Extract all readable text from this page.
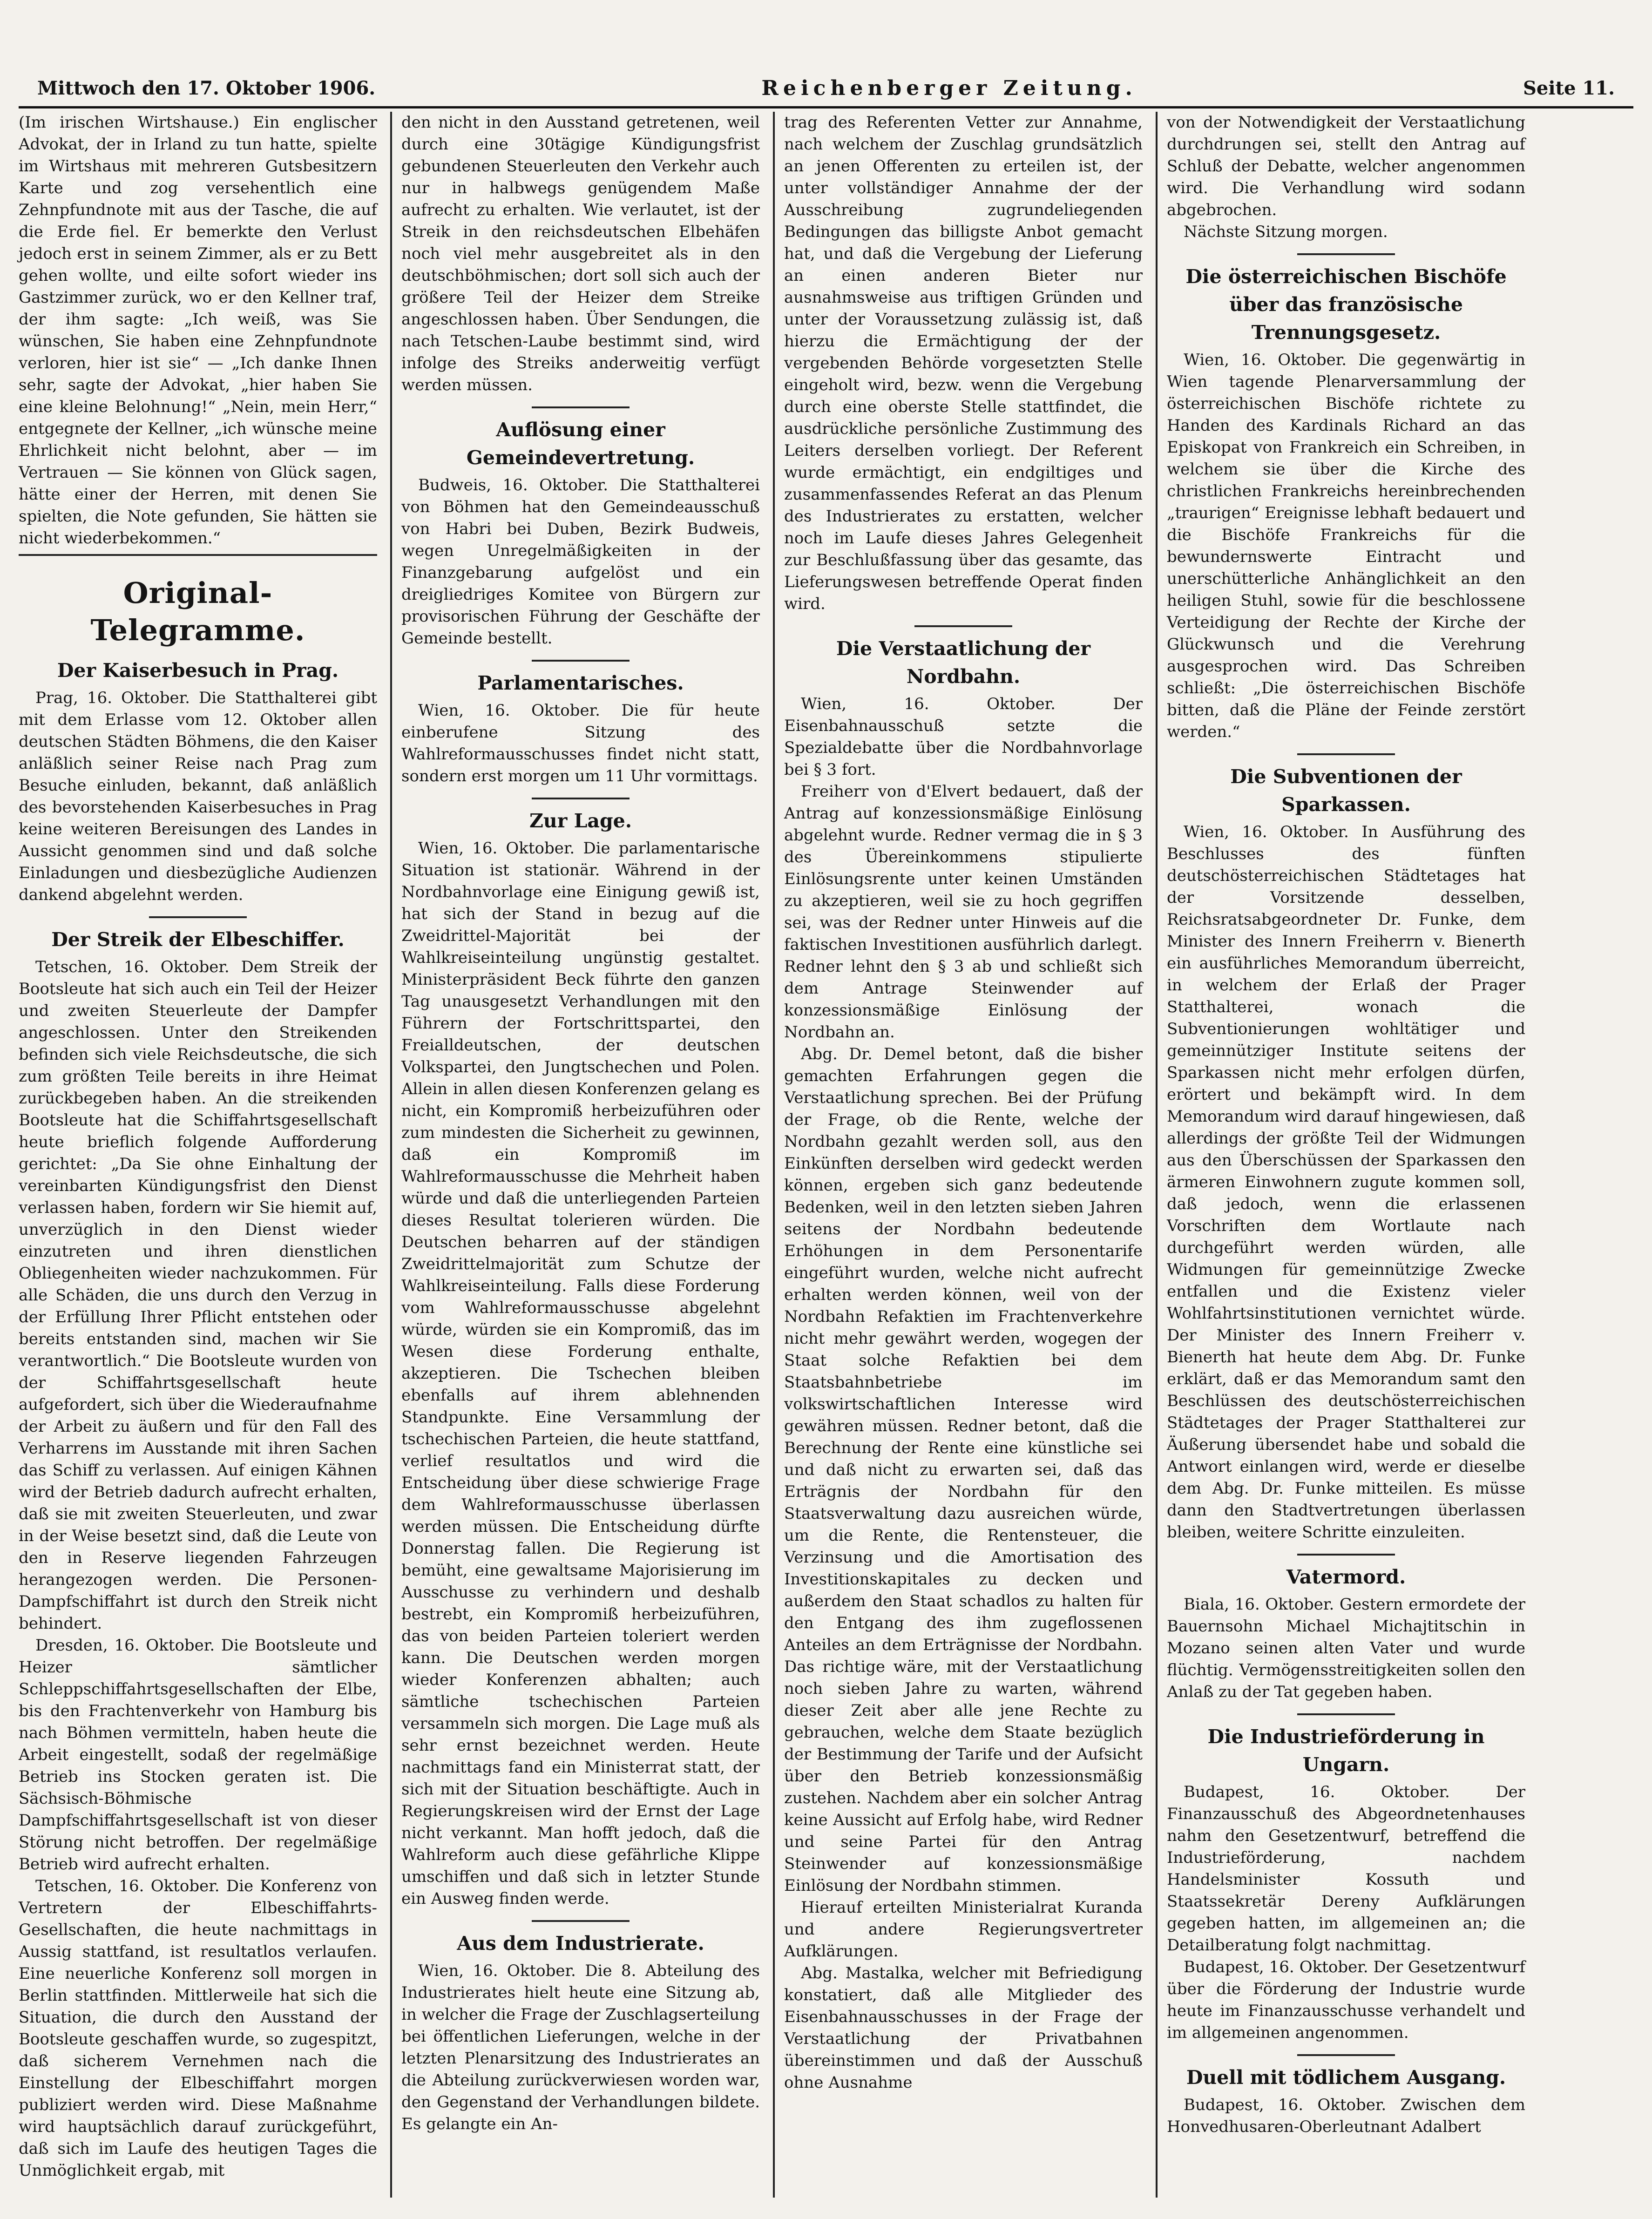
Mittwoch den 17. Oktober 1906.	Reichenberger Zeitung.	Seite 11.

(Im irischen Wirtshause.) Ein englischer Advokat, der in Irland zu tun hatte, spielte im Wirtshaus mit mehreren Gutsbesitzern Karte und zog versehentlich eine Zehnpfundnote mit aus der Tasche, die auf die Erde fiel. Er bemerkte den Verlust jedoch erst in seinem Zimmer, als er zu Bett gehen wollte, und eilte sofort wieder ins Gastzimmer zurück, wo er den Kellner traf, der ihm sagte: „Ich weiß, was Sie wünschen, Sie haben eine Zehnpfundnote verloren, hier ist sie“ — „Ich danke Ihnen sehr, sagte der Advokat, „hier haben Sie eine kleine Belohnung!“ „Nein, mein Herr,“ entgegnete der Kellner, „ich wünsche meine Ehrlichkeit nicht belohnt, aber — im Vertrauen — Sie können von Glück sagen, hätte einer der Herren, mit denen Sie spielten, die Note gefunden, Sie hätten sie nicht wiederbekommen.“

Original-Telegramme.
Der Kaiserbesuch in Prag.

Prag, 16. Oktober. Die Statthalterei gibt mit dem Erlasse vom 12. Oktober allen deutschen Städten Böhmens, die den Kaiser anläßlich seiner Reise nach Prag zum Besuche einluden, bekannt, daß anläßlich des bevorstehenden Kaiserbesuches in Prag keine weiteren Bereisungen des Landes in Aussicht genommen sind und daß solche Einladungen und diesbezügliche Audienzen dankend abgelehnt werden.

Der Streik der Elbeschiffer.

Tetschen, 16. Oktober. Dem Streik der Bootsleute hat sich auch ein Teil der Heizer und zweiten Steuerleute der Dampfer angeschlossen. Unter den Streikenden befinden sich viele Reichsdeutsche, die sich zum größten Teile bereits in ihre Heimat zurückbegeben haben. An die streikenden Bootsleute hat die Schiffahrtsgesellschaft heute brieflich folgende Aufforderung gerichtet: „Da Sie ohne Einhaltung der vereinbarten Kündigungsfrist den Dienst verlassen haben, fordern wir Sie hiemit auf, unverzüglich in den Dienst wieder einzutreten und ihren dienstlichen Obliegenheiten wieder nachzukommen. Für alle Schäden, die uns durch den Verzug in der Erfüllung Ihrer Pflicht entstehen oder bereits entstanden sind, machen wir Sie verantwortlich.“ Die Bootsleute wurden von der Schiffahrtsgesellschaft heute aufgefordert, sich über die Wiederaufnahme der Arbeit zu äußern und für den Fall des Verharrens im Ausstande mit ihren Sachen das Schiff zu verlassen. Auf einigen Kähnen wird der Betrieb dadurch aufrecht erhalten, daß sie mit zweiten Steuerleuten, und zwar in der Weise besetzt sind, daß die Leute von den in Reserve liegenden Fahrzeugen herangezogen werden. Die Personen-Dampfschiffahrt ist durch den Streik nicht behindert.

Dresden, 16. Oktober. Die Bootsleute und Heizer sämtlicher Schleppschiffahrtsgesellschaften der Elbe, bis den Frachtenverkehr von Hamburg bis nach Böhmen vermitteln, haben heute die Arbeit eingestellt, sodaß der regelmäßige Betrieb ins Stocken geraten ist. Die Sächsisch-Böhmische Dampfschiffahrtsgesellschaft ist von dieser Störung nicht betroffen. Der regelmäßige Betrieb wird aufrecht erhalten.

Tetschen, 16. Oktober. Die Konferenz von Vertretern der Elbeschiffahrts-Gesellschaften, die heute nachmittags in Aussig stattfand, ist resultatlos verlaufen. Eine neuerliche Konferenz soll morgen in Berlin stattfinden. Mittlerweile hat sich die Situation, die durch den Ausstand der Bootsleute geschaffen wurde, so zugespitzt, daß sicherem Vernehmen nach die Einstellung der Elbeschiffahrt morgen publiziert werden wird. Diese Maßnahme wird hauptsächlich darauf zurückgeführt, daß sich im Laufe des heutigen Tages die Unmöglichkeit ergab, mit

den nicht in den Ausstand getretenen, weil durch eine 30tägige Kündigungsfrist gebundenen Steuerleuten den Verkehr auch nur in halbwegs genügendem Maße aufrecht zu erhalten. Wie verlautet, ist der Streik in den reichsdeutschen Elbehäfen noch viel mehr ausgebreitet als in den deutschböhmischen; dort soll sich auch der größere Teil der Heizer dem Streike angeschlossen haben. Über Sendungen, die nach Tetschen-Laube bestimmt sind, wird infolge des Streiks anderweitig verfügt werden müssen.

Auflösung einer Gemeindevertretung.

Budweis, 16. Oktober. Die Statthalterei von Böhmen hat den Gemeindeausschuß von Habri bei Duben, Bezirk Budweis, wegen Unregelmäßigkeiten in der Finanzgebarung aufgelöst und ein dreigliedriges Komitee von Bürgern zur provisorischen Führung der Geschäfte der Gemeinde bestellt.

Parlamentarisches.

Wien, 16. Oktober. Die für heute einberufene Sitzung des Wahlreformausschusses findet nicht statt, sondern erst morgen um 11 Uhr vormittags.

Zur Lage.

Wien, 16. Oktober. Die parlamentarische Situation ist stationär. Während in der Nordbahnvorlage eine Einigung gewiß ist, hat sich der Stand in bezug auf die Zweidrittel-Majorität bei der Wahlkreiseinteilung ungünstig gestaltet. Ministerpräsident Beck führte den ganzen Tag unausgesetzt Verhandlungen mit den Führern der Fortschrittspartei, den Freialldeutschen, der deutschen Volkspartei, den Jungtschechen und Polen. Allein in allen diesen Konferenzen gelang es nicht, ein Kompromiß herbeizuführen oder zum mindesten die Sicherheit zu gewinnen, daß ein Kompromiß im Wahlreformausschusse die Mehrheit haben würde und daß die unterliegenden Parteien dieses Resultat tolerieren würden. Die Deutschen beharren auf der ständigen Zweidrittelmajorität zum Schutze der Wahlkreiseinteilung. Falls diese Forderung vom Wahlreformausschusse abgelehnt würde, würden sie ein Kompromiß, das im Wesen diese Forderung enthalte, akzeptieren. Die Tschechen bleiben ebenfalls auf ihrem ablehnenden Standpunkte. Eine Versammlung der tschechischen Parteien, die heute stattfand, verlief resultatlos und wird die Entscheidung über diese schwierige Frage dem Wahlreformausschusse überlassen werden müssen. Die Entscheidung dürfte Donnerstag fallen. Die Regierung ist bemüht, eine gewaltsame Majorisierung im Ausschusse zu verhindern und deshalb bestrebt, ein Kompromiß herbeizuführen, das von beiden Parteien toleriert werden kann. Die Deutschen werden morgen wieder Konferenzen abhalten; auch sämtliche tschechischen Parteien versammeln sich morgen. Die Lage muß als sehr ernst bezeichnet werden. Heute nachmittags fand ein Ministerrat statt, der sich mit der Situation beschäftigte. Auch in Regierungskreisen wird der Ernst der Lage nicht verkannt. Man hofft jedoch, daß die Wahlreform auch diese gefährliche Klippe umschiffen und daß sich in letzter Stunde ein Ausweg finden werde.

Aus dem Industrierate.

Wien, 16. Oktober. Die 8. Abteilung des Industrierates hielt heute eine Sitzung ab, in welcher die Frage der Zuschlagserteilung bei öffentlichen Lieferungen, welche in der letzten Plenarsitzung des Industrierates an die Abteilung zurückverwiesen worden war, den Gegenstand der Verhandlungen bildete. Es gelangte ein An-

trag des Referenten Vetter zur Annahme, nach welchem der Zuschlag grundsätzlich an jenen Offerenten zu erteilen ist, der unter vollständiger Annahme der der Ausschreibung zugrundeliegenden Bedingungen das billigste Anbot gemacht hat, und daß die Vergebung der Lieferung an einen anderen Bieter nur ausnahmsweise aus triftigen Gründen und unter der Voraussetzung zulässig ist, daß hierzu die Ermächtigung der der vergebenden Behörde vorgesetzten Stelle eingeholt wird, bezw. wenn die Vergebung durch eine oberste Stelle stattfindet, die ausdrückliche persönliche Zustimmung des Leiters derselben vorliegt. Der Referent wurde ermächtigt, ein endgiltiges und zusammenfassendes Referat an das Plenum des Industrierates zu erstatten, welcher noch im Laufe dieses Jahres Gelegenheit zur Beschlußfassung über das gesamte, das Lieferungswesen betreffende Operat finden wird.

Die Verstaatlichung der Nordbahn.

Wien, 16. Oktober. Der Eisenbahnausschuß setzte die Spezialdebatte über die Nordbahnvorlage bei § 3 fort.

Freiherr von d'Elvert bedauert, daß der Antrag auf konzessionsmäßige Einlösung abgelehnt wurde. Redner vermag die in § 3 des Übereinkommens stipulierte Einlösungsrente unter keinen Umständen zu akzeptieren, weil sie zu hoch gegriffen sei, was der Redner unter Hinweis auf die faktischen Investitionen ausführlich darlegt. Redner lehnt den § 3 ab und schließt sich dem Antrage Steinwender auf konzessionsmäßige Einlösung der Nordbahn an.

Abg. Dr. Demel betont, daß die bisher gemachten Erfahrungen gegen die Verstaatlichung sprechen. Bei der Prüfung der Frage, ob die Rente, welche der Nordbahn gezahlt werden soll, aus den Einkünften derselben wird gedeckt werden können, ergeben sich ganz bedeutende Bedenken, weil in den letzten sieben Jahren seitens der Nordbahn bedeutende Erhöhungen in dem Personentarife eingeführt wurden, welche nicht aufrecht erhalten werden können, weil von der Nordbahn Refaktien im Frachtenverkehre nicht mehr gewährt werden, wogegen der Staat solche Refaktien bei dem Staatsbahnbetriebe im volkswirtschaftlichen Interesse wird gewähren müssen. Redner betont, daß die Berechnung der Rente eine künstliche sei und daß nicht zu erwarten sei, daß das Erträgnis der Nordbahn für den Staatsverwaltung dazu ausreichen würde, um die Rente, die Rentensteuer, die Verzinsung und die Amortisation des Investitionskapitales zu decken und außerdem den Staat schadlos zu halten für den Entgang des ihm zugeflossenen Anteiles an dem Erträgnisse der Nordbahn. Das richtige wäre, mit der Verstaatlichung noch sieben Jahre zu warten, während dieser Zeit aber alle jene Rechte zu gebrauchen, welche dem Staate bezüglich der Bestimmung der Tarife und der Aufsicht über den Betrieb konzessionsmäßig zustehen. Nachdem aber ein solcher Antrag keine Aussicht auf Erfolg habe, wird Redner und seine Partei für den Antrag Steinwender auf konzessionsmäßige Einlösung der Nordbahn stimmen.

Hierauf erteilten Ministerialrat Kuranda und andere Regierungsvertreter Aufklärungen.

Abg. Mastalka, welcher mit Befriedigung konstatiert, daß alle Mitglieder des Eisenbahnausschusses in der Frage der Verstaatlichung der Privatbahnen übereinstimmen und daß der Ausschuß ohne Ausnahme

von der Notwendigkeit der Verstaatlichung durchdrungen sei, stellt den Antrag auf Schluß der Debatte, welcher angenommen wird. Die Verhandlung wird sodann abgebrochen.

Nächste Sitzung morgen.

Die österreichischen Bischöfe über das französische Trennungsgesetz.

Wien, 16. Oktober. Die gegenwärtig in Wien tagende Plenarversammlung der österreichischen Bischöfe richtete zu Handen des Kardinals Richard an das Episkopat von Frankreich ein Schreiben, in welchem sie über die Kirche des christlichen Frankreichs hereinbrechenden „traurigen“ Ereignisse lebhaft bedauert und die Bischöfe Frankreichs für die bewundernswerte Eintracht und unerschütterliche Anhänglichkeit an den heiligen Stuhl, sowie für die beschlossene Verteidigung der Rechte der Kirche der Glückwunsch und die Verehrung ausgesprochen wird. Das Schreiben schließt: „Die österreichischen Bischöfe bitten, daß die Pläne der Feinde zerstört werden.“

Die Subventionen der Sparkassen.

Wien, 16. Oktober. In Ausführung des Beschlusses des fünften deutschösterreichischen Städtetages hat der Vorsitzende desselben, Reichsratsabgeordneter Dr. Funke, dem Minister des Innern Freiherrn v. Bienerth ein ausführliches Memorandum überreicht, in welchem der Erlaß der Prager Statthalterei, wonach die Subventionierungen wohltätiger und gemeinnütziger Institute seitens der Sparkassen nicht mehr erfolgen dürfen, erörtert und bekämpft wird. In dem Memorandum wird darauf hingewiesen, daß allerdings der größte Teil der Widmungen aus den Überschüssen der Sparkassen den ärmeren Einwohnern zugute kommen soll, daß jedoch, wenn die erlassenen Vorschriften dem Wortlaute nach durchgeführt werden würden, alle Widmungen für gemeinnützige Zwecke entfallen und die Existenz vieler Wohlfahrtsinstitutionen vernichtet würde. Der Minister des Innern Freiherr v. Bienerth hat heute dem Abg. Dr. Funke erklärt, daß er das Memorandum samt den Beschlüssen des deutschösterreichischen Städtetages der Prager Statthalterei zur Äußerung übersendet habe und sobald die Antwort einlangen wird, werde er dieselbe dem Abg. Dr. Funke mitteilen. Es müsse dann den Stadtvertretungen überlassen bleiben, weitere Schritte einzuleiten.

Vatermord.

Biala, 16. Oktober. Gestern ermordete der Bauernsohn Michael Michajtitschin in Mozano seinen alten Vater und wurde flüchtig. Vermögensstreitigkeiten sollen den Anlaß zu der Tat gegeben haben.

Die Industrieförderung in Ungarn.

Budapest, 16. Oktober. Der Finanzausschuß des Abgeordnetenhauses nahm den Gesetzentwurf, betreffend die Industrieförderung, nachdem Handelsminister Kossuth und Staatssekretär Dereny Aufklärungen gegeben hatten, im allgemeinen an; die Detailberatung folgt nachmittag.

Budapest, 16. Oktober. Der Gesetzentwurf über die Förderung der Industrie wurde heute im Finanzausschusse verhandelt und im allgemeinen angenommen.

Duell mit tödlichem Ausgang.

Budapest, 16. Oktober. Zwischen dem Honvedhusaren-Oberleutnant Adalbert
